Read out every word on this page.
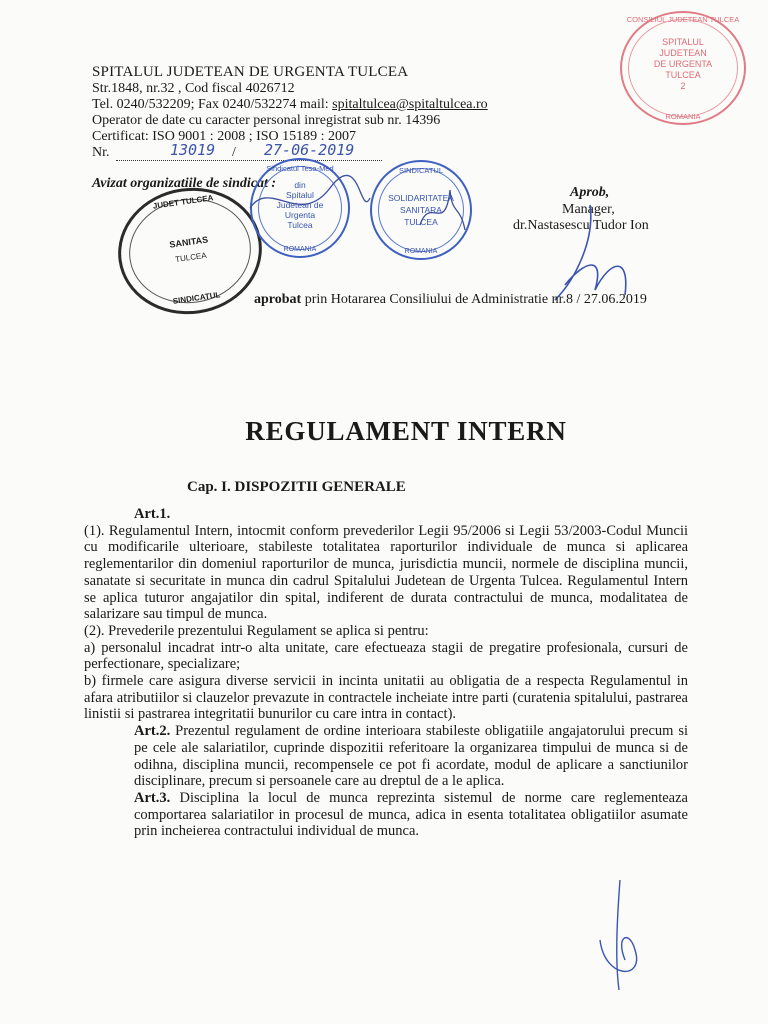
SPITALUL JUDETEAN DE URGENTA TULCEA
Str.1848, nr.32 , Cod fiscal 4026712
Tel. 0240/532209; Fax 0240/532274 mail: spitaltulcea@spitaltulcea.ro
Operator de date cu caracter personal inregistrat sub nr. 14396
Certificat: ISO 9001 : 2008 ; ISO 15189 : 2007
Nr.	13019 / 27-06-2019
CONSILIUL JUDETEAN TULCEA
SPITALUL
JUDETEAN
DE URGENTA
TULCEA
2
ROMANIA
Avizat organizatiile de sindicat :
JUDET TULCEA
SANITAS
TULCEA
SINDICATUL
Sindicatul Tesa-Med
din
Spitalul
Judetean de
Urgenta
Tulcea
ROMANIA
SINDICATUL
SOLIDARITATEA
SANITARA
TULCEA
ROMANIA
Aprob,
Manager,
dr.Nastasescu Tudor Ion
aprobat prin Hotararea Consiliului de Administratie nr.8 / 27.06.2019
REGULAMENT INTERN
Cap. I. DISPOZITII GENERALE

Art.1.

(1). Regulamentul Intern, intocmit conform prevederilor Legii 95/2006 si Legii 53/2003-Codul Muncii cu modificarile ulterioare, stabileste totalitatea raporturilor individuale de munca si aplicarea reglementarilor din domeniul raporturilor de munca, jurisdictia muncii, normele de disciplina muncii, sanatate si securitate in munca din cadrul Spitalului Judetean de Urgenta Tulcea. Regulamentul Intern se aplica tuturor angajatilor din spital, indiferent de durata contractului de munca, modalitatea de salarizare sau timpul de munca.

(2). Prevederile prezentului Regulament se aplica si pentru:

a) personalul incadrat intr-o alta unitate, care efectueaza stagii de pregatire profesionala, cursuri de perfectionare, specializare;

b) firmele care asigura diverse servicii in incinta unitatii au obligatia de a respecta Regulamentul in afara atributiilor si clauzelor prevazute in contractele incheiate intre parti (curatenia spitalului, pastrarea linistii si pastrarea integritatii bunurilor cu care intra in contact).

Art.2. Prezentul regulament de ordine interioara stabileste obligatiile angajatorului precum si pe cele ale salariatilor, cuprinde dispozitii referitoare la organizarea timpului de munca si de odihna, disciplina muncii, recompensele ce pot fi acordate, modul de aplicare a sanctiunilor disciplinare, precum si persoanele care au dreptul de a le aplica.

Art.3. Disciplina la locul de munca reprezinta sistemul de norme care reglementeaza comportarea salariatilor in procesul de munca, adica in esenta totalitatea obligatiilor asumate prin incheierea contractului individual de munca.
